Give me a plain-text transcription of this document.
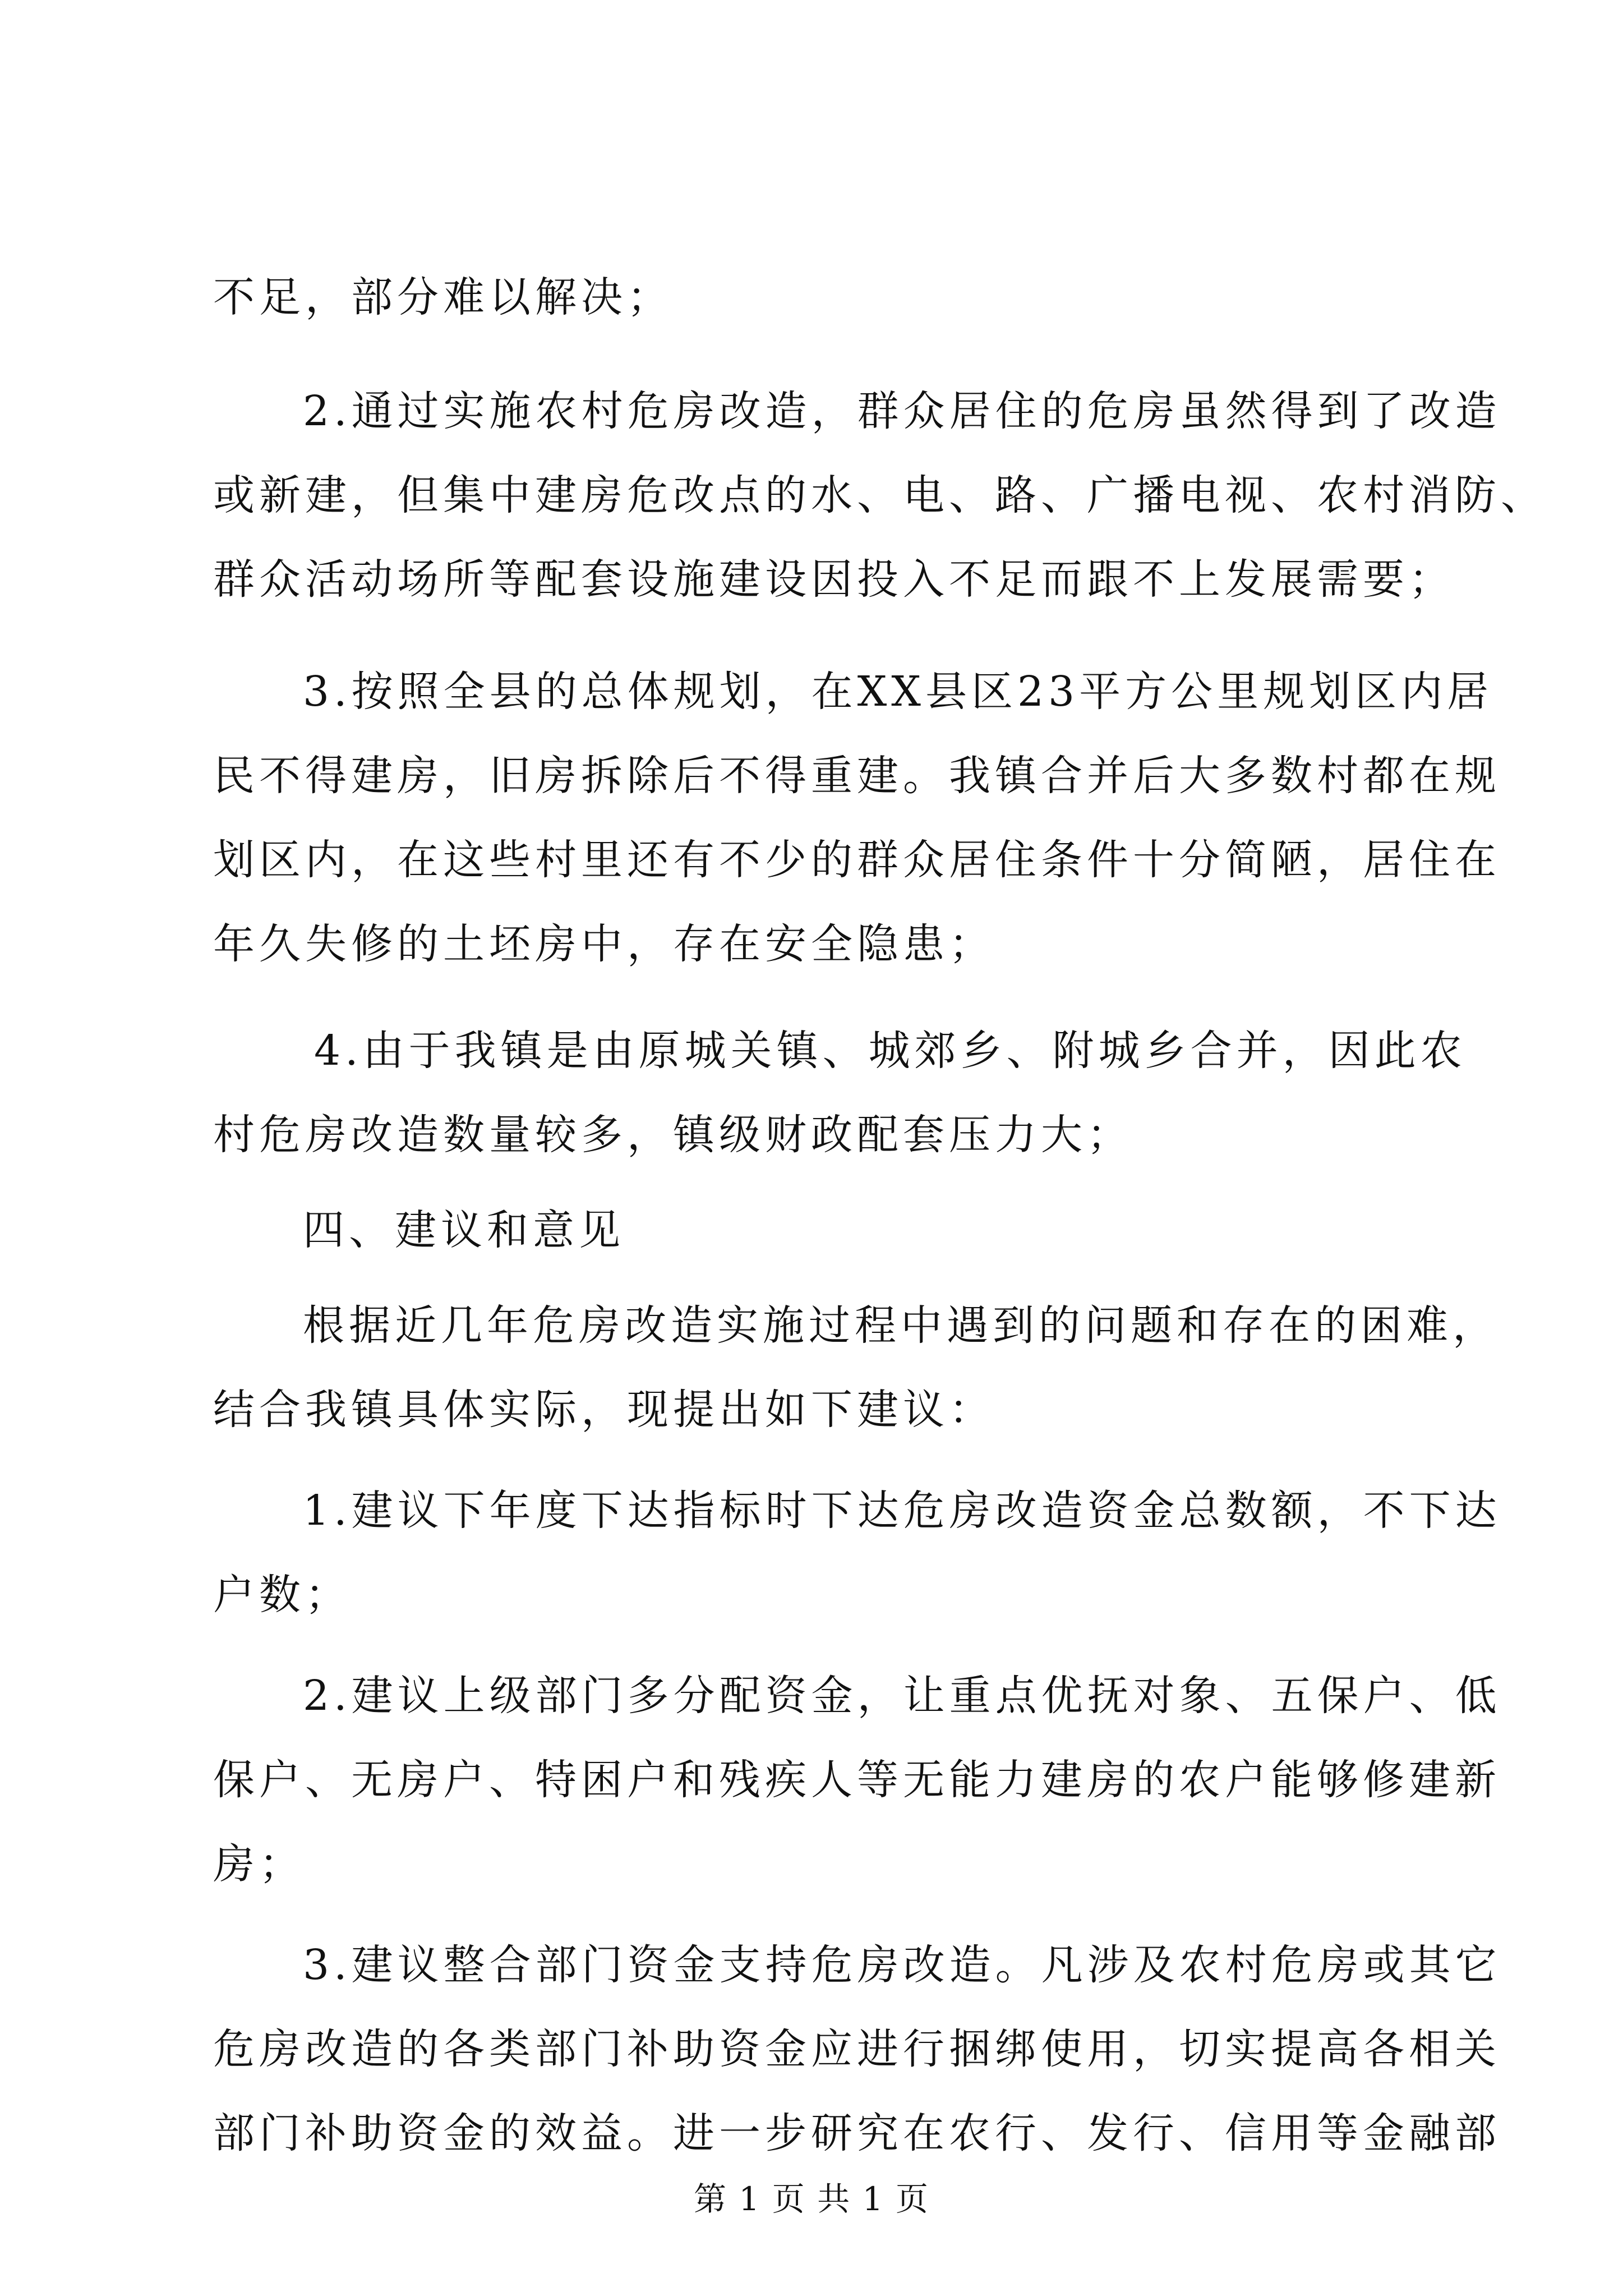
不足，部分难以解决；
2.通过实施农村危房改造，群众居住的危房虽然得到了改造
或新建，但集中建房危改点的水、电、路、广播电视、农村消防、
群众活动场所等配套设施建设因投入不足而跟不上发展需要；
3.按照全县的总体规划，在XX县区23平方公里规划区内居
民不得建房，旧房拆除后不得重建。我镇合并后大多数村都在规
划区内，在这些村里还有不少的群众居住条件十分简陋，居住在
年久失修的土坯房中，存在安全隐患；
4.由于我镇是由原城关镇、城郊乡、附城乡合并，因此农
村危房改造数量较多，镇级财政配套压力大；
四、建议和意见
根据近几年危房改造实施过程中遇到的问题和存在的困难，
结合我镇具体实际，现提出如下建议：
1.建议下年度下达指标时下达危房改造资金总数额，不下达
户数；
2.建议上级部门多分配资金，让重点优抚对象、五保户、低
保户、无房户、特困户和残疾人等无能力建房的农户能够修建新
房；
3.建议整合部门资金支持危房改造。凡涉及农村危房或其它
危房改造的各类部门补助资金应进行捆绑使用，切实提高各相关
部门补助资金的效益。进一步研究在农行、发行、信用等金融部
第 1 页 共 1 页
